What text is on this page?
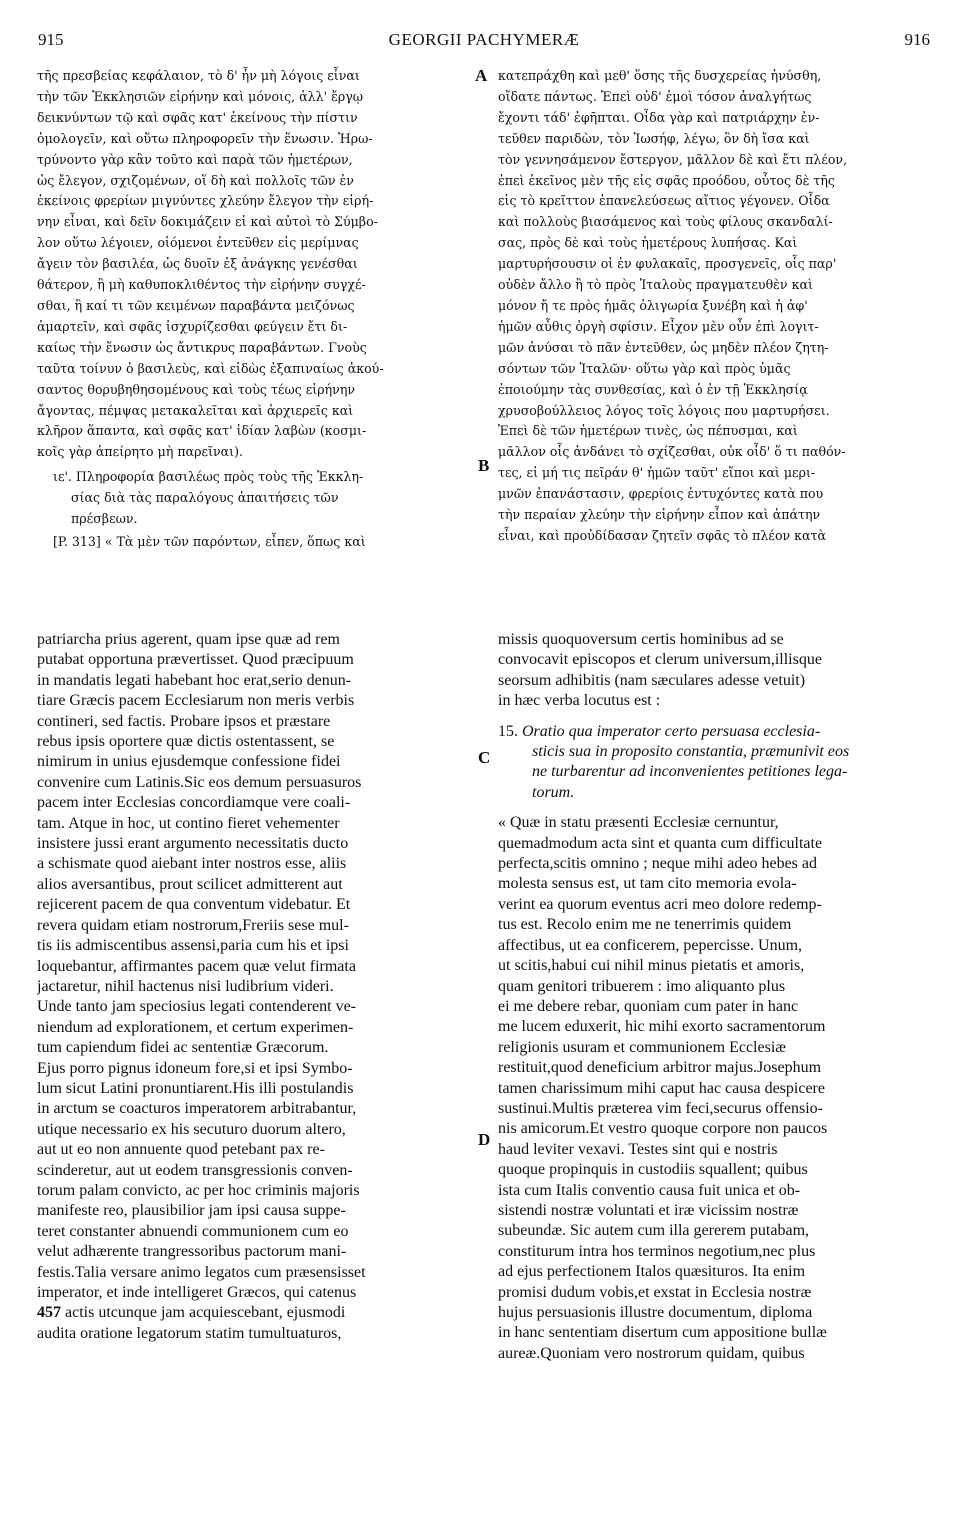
915	GEORGII PACHYMERÆ	916
τῆς πρεσβείας κεφάλαιον, τὸ δ' ἦν μὴ λόγοις εἶναι
τὴν τῶν Ἐκκλησιῶν εἰρήνην καὶ μόνοις, ἀλλ' ἔργῳ
δεικνύντων τῷ καὶ σφᾶς κατ' ἐκείνους τὴν πίστιν
ὁμολογεῖν, καὶ οὕτω πληροφορεῖν τὴν ἕνωσιν. Ἠρω-
τρύνοντο γὰρ κἂν τοῦτο καὶ παρὰ τῶν ἡμετέρων,
ὡς ἔλεγον, σχιζομένων, οἵ δὴ καὶ πολλοῖς τῶν ἐν
ἐκείνοις φρερίων μιγνύντες χλεύην ἔλεγον τὴν εἰρή-
νην εἶναι, καὶ δεῖν δοκιμάζειν εἰ καὶ αὐτοὶ τὸ Σύμβο-
λον οὕτω λέγοιεν, οἰόμενοι ἐντεῦθεν εἰς μερίμνας
ἄγειν τὸν βασιλέα, ὡς δυοῖν ἐξ ἀνάγκης γενέσθαι
θάτερον, ἢ μὴ καθυποκλιθέντος τὴν εἰρήνην συγχέ-
σθαι, ἢ καί τι τῶν κειμένων παραβάντα μειζόνως
ἁμαρτεῖν, καὶ σφᾶς ἰσχυρίζεσθαι φεύγειν ἔτι δι-
καίως τὴν ἕνωσιν ὡς ἄντικρυς παραβάντων. Γνοὺς
ταῦτα τοίνυν ὁ βασιλεὺς, καὶ εἰδὼς ἐξαπιναίως ἀκού-
σαντος θορυβηθησομένους καὶ τοὺς τέως εἰρήνην
ἄγοντας, πέμψας μετακαλεῖται καὶ ἀρχιερεῖς καὶ
κλῆρον ἅπαντα, καὶ σφᾶς κατ' ἰδίαν λαβὼν (κοσμι-
κοῖς γὰρ ἀπείρητο μὴ παρεῖναι).
ιε'. Πληροφορία βασιλέως πρὸς τοὺς τῆς Ἐκκλη-
σίας διὰ τὰς παραλόγους ἀπαιτήσεις τῶν
πρέσβεων.
[P. 313] « Τὰ μὲν τῶν παρόντων, εἶπεν, ὅπως καὶ
κατεπράχθη καὶ μεθ' ὅσης τῆς δυσχερείας ἠνύσθη,
οἴδατε πάντως. Ἐπεὶ οὐδ' ἐμοὶ τόσον ἀναλγήτως
ἔχοντι τάδ' ἐφῆπται. Οἶδα γὰρ καὶ πατριάρχην ἐν-
τεῦθεν παριδὼν, τὸν Ἰωσήφ, λέγω, ὃν δὴ ἴσα καὶ
τὸν γεννησάμενον ἔστεργον, μᾶλλον δὲ καὶ ἔτι πλέον,
ἐπεὶ ἐκεῖνος μὲν τῆς εἰς σφᾶς προόδου, οὗτος δὲ τῆς
εἰς τὸ κρεῖττον ἐπανελεύσεως αἴτιος γέγονεν. Οἶδα
καὶ πολλοὺς βιασάμενος καὶ τοὺς φίλους σκανδαλί-
σας, πρὸς δὲ καὶ τοὺς ἡμετέρους λυπήσας. Καὶ
μαρτυρήσουσιν οἱ ἐν φυλακαῖς, προσγενεῖς, οἷς παρ'
οὐδὲν ἄλλο ἢ τὸ πρὸς Ἰταλοὺς πραγματευθὲν καὶ
μόνον ἤ τε πρὸς ἡμᾶς ὀλιγωρία ξυνέβη καὶ ἡ ἀφ'
ἡμῶν αὖθις ὀργὴ σφίσιν. Εἶχον μὲν οὖν ἐπὶ λογιτ-
μῶν ἀνύσαι τὸ πᾶν ἐντεῦθεν, ὡς μηδὲν πλέον ζητη-
σόντων τῶν Ἰταλῶν· οὕτω γὰρ καὶ πρὸς ὑμᾶς
ἐποιούμην τὰς συνθεσίας, καὶ ὁ ἐν τῇ Ἐκκλησίᾳ
χρυσοβούλλειος λόγος τοῖς λόγοις που μαρτυρήσει.
Ἐπεὶ δὲ τῶν ἡμετέρων τινὲς, ὡς πέπυσμαι, καὶ
μᾶλλον οἷς ἁνδάνει τὸ σχίζεσθαι, οὐκ οἶδ' ὅ τι παθόν-
τες, εἰ μή τις πεῖράν θ' ἡμῶν ταῦτ' εἴποι καὶ μερι-
μνῶν ἐπανάστασιν, φρερίοις ἐντυχόντες κατὰ που
τὴν περαίαν χλεύην τὴν εἰρήνην εἶπον καὶ ἀπάτην
εἶναι, καὶ προὐδίδασαν ζητεῖν σφᾶς τὸ πλέον κατὰ
patriarcha prius agerent, quam ipse quæ ad rem
putabat opportuna prævertisset. Quod præcipuum
in mandatis legati habebant hoc erat,serio denun-
tiare Græcis pacem Ecclesiarum non meris verbis
contineri, sed factis. Probare ipsos et præstare
rebus ipsis oportere quæ dictis ostentassent, se
nimirum in unius ejusdemque confessione fidei
convenire cum Latinis.Sic eos demum persuasuros
pacem inter Ecclesias concordiamque vere coali-
tam. Atque in hoc, ut contino fieret vehementer
insistere jussi erant argumento necessitatis ducto
a schismate quod aiebant inter nostros esse, aliis
alios aversantibus, prout scilicet admitterent aut
rejicerent pacem de qua conventum videbatur. Et
revera quidam etiam nostrorum,Freriis sese mul-
tis iis admiscentibus assensi,paria cum his et ipsi
loquebantur, affirmantes pacem quæ velut firmata
jactaretur, nihil hactenus nisi ludibrium videri.
Unde tanto jam speciosius legati contenderent ve-
niendum ad explorationem, et certum experimen-
tum capiendum fidei ac sententiæ Græcorum.
Ejus porro pignus idoneum fore,si et ipsi Symbo-
lum sicut Latini pronuntiarent.His illi postulandis
in arctum se coacturos imperatorem arbitrabantur,
utique necessario ex his secuturo duorum altero,
aut ut eo non annuente quod petebant pax re-
scinderetur, aut ut eodem transgressionis conven-
torum palam convicto, ac per hoc criminis majoris
manifeste reo, plausibilior jam ipsi causa suppe-
teret constanter abnuendi communionem cum eo
velut adhærente trangressoribus pactorum mani-
festis.Talia versare animo legatos cum præsensisset
imperator, et inde intelligeret Græcos, qui catenus
457 actis utcunque jam acquiescebant, ejusmodi
audita oratione legatorum statim tumultuaturos,
missis quoquoversum certis hominibus ad se
convocavit episcopos et clerum universum,illisque
seorsum adhibitis (nam sæculares adesse vetuit)
in hæc verba locutus est :
15. Oratio qua imperator certo persuasa ecclesia-
sticis sua in proposito constantia, præmunivit eos
ne turbarentur ad inconvenientes petitiones lega-
torum.
« Quæ in statu præsenti Ecclesiæ cernuntur,
quemadmodum acta sint et quanta cum difficultate
perfecta,scitis omnino ; neque mihi adeo hebes ad
molesta sensus est, ut tam cito memoria evola-
verint ea quorum eventus acri meo dolore redemp-
tus est. Recolo enim me ne tenerrimis quidem
affectibus, ut ea conficerem, pepercisse. Unum,
ut scitis,habui cui nihil minus pietatis et amoris,
quam genitori tribuerem : imo aliquanto plus
ei me debere rebar, quoniam cum pater in hanc
me lucem eduxerit, hic mihi exorto sacramentorum
religionis usuram et communionem Ecclesiæ
restituit,quod deneficium arbitror majus.Josephum
tamen charissimum mihi caput hac causa despicere
sustinui.Multis præterea vim feci,securus offensio-
nis amicorum.Et vestro quoque corpore non paucos
haud leviter vexavi. Testes sint qui e nostris
quoque propinquis in custodiis squallent; quibus
ista cum Italis conventio causa fuit unica et ob-
sistendi nostræ voluntati et iræ vicissim nostræ
subeundæ. Sic autem cum illa gererem putabam,
constiturum intra hos terminos negotium,nec plus
ad ejus perfectionem Italos quæsituros. Ita enim
promisi dudum vobis,et exstat in Ecclesia nostræ
hujus persuasionis illustre documentum, diploma
in hanc sententiam disertum cum appositione bullæ
aureæ.Quoniam vero nostrorum quidam, quibus
A
B
C
D
